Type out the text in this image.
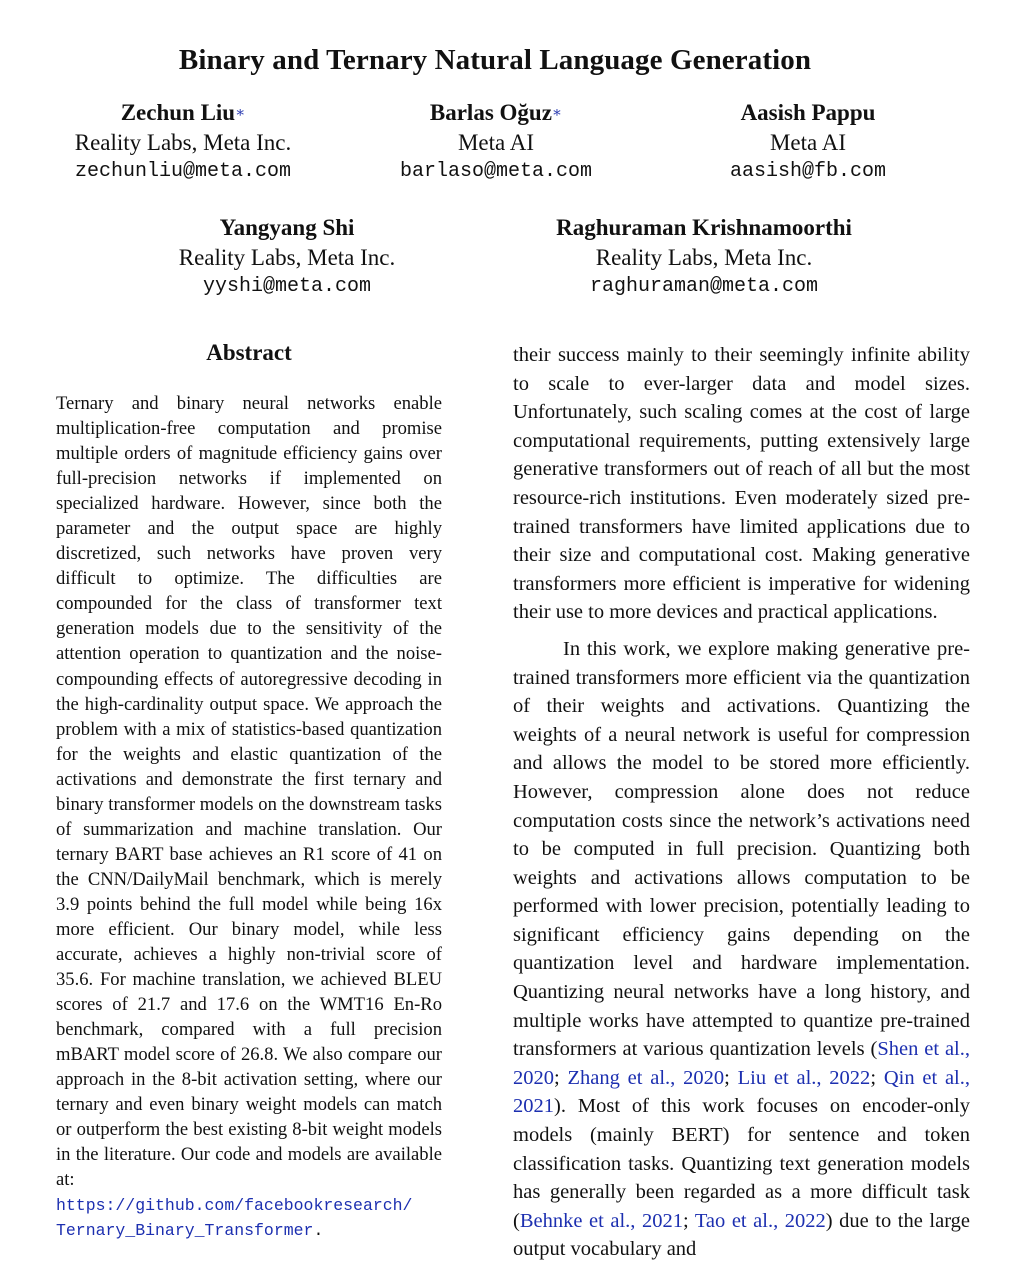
Binary and Ternary Natural Language Generation
Zechun Liu∗
Reality Labs, Meta Inc.
zechunliu@meta.com
Barlas Oğuz∗
Meta AI
barlaso@meta.com
Aasish Pappu
Meta AI
aasish@fb.com
Yangyang Shi
Reality Labs, Meta Inc.
yyshi@meta.com
Raghuraman Krishnamoorthi
Reality Labs, Meta Inc.
raghuraman@meta.com
Abstract
Ternary and binary neural networks enable multiplication-free computation and promise multiple orders of magnitude efficiency gains over full-precision networks if implemented on specialized hardware. However, since both the parameter and the output space are highly discretized, such networks have proven very difficult to optimize. The difficulties are compounded for the class of transformer text generation models due to the sensitivity of the attention operation to quantization and the noise-compounding effects of autoregressive decoding in the high-cardinality output space. We approach the problem with a mix of statistics-based quantization for the weights and elastic quantization of the activations and demonstrate the first ternary and binary transformer models on the downstream tasks of summarization and machine translation. Our ternary BART base achieves an R1 score of 41 on the CNN/DailyMail benchmark, which is merely 3.9 points behind the full model while being 16x more efficient. Our binary model, while less accurate, achieves a highly non-trivial score of 35.6. For machine translation, we achieved BLEU scores of 21.7 and 17.6 on the WMT16 En-Ro benchmark, compared with a full precision mBART model score of 26.8. We also compare our approach in the 8-bit activation setting, where our ternary and even binary weight models can match or outperform the best existing 8-bit weight models in the literature. Our code and models are available at:
https://github.com/facebookresearch/
Ternary_Binary_Transformer.

their success mainly to their seemingly infinite ability to scale to ever-larger data and model sizes. Unfortunately, such scaling comes at the cost of large computational requirements, putting extensively large generative transformers out of reach of all but the most resource-rich institutions. Even moderately sized pre-trained transformers have limited applications due to their size and computational cost. Making generative transformers more efficient is imperative for widening their use to more devices and practical applications.

In this work, we explore making generative pre-trained transformers more efficient via the quantization of their weights and activations. Quantizing the weights of a neural network is useful for compression and allows the model to be stored more efficiently. However, compression alone does not reduce computation costs since the network’s activations need to be computed in full precision. Quantizing both weights and activations allows computation to be performed with lower precision, potentially leading to significant efficiency gains depending on the quantization level and hardware implementation. Quantizing neural networks have a long history, and multiple works have attempted to quantize pre-trained transformers at various quantization levels (Shen et al., 2020; Zhang et al., 2020; Liu et al., 2022; Qin et al., 2021). Most of this work focuses on encoder-only models (mainly BERT) for sentence and token classification tasks. Quantizing text generation models has generally been regarded as a more difficult task (Behnke et al., 2021; Tao et al., 2022) due to the large output vocabulary and
